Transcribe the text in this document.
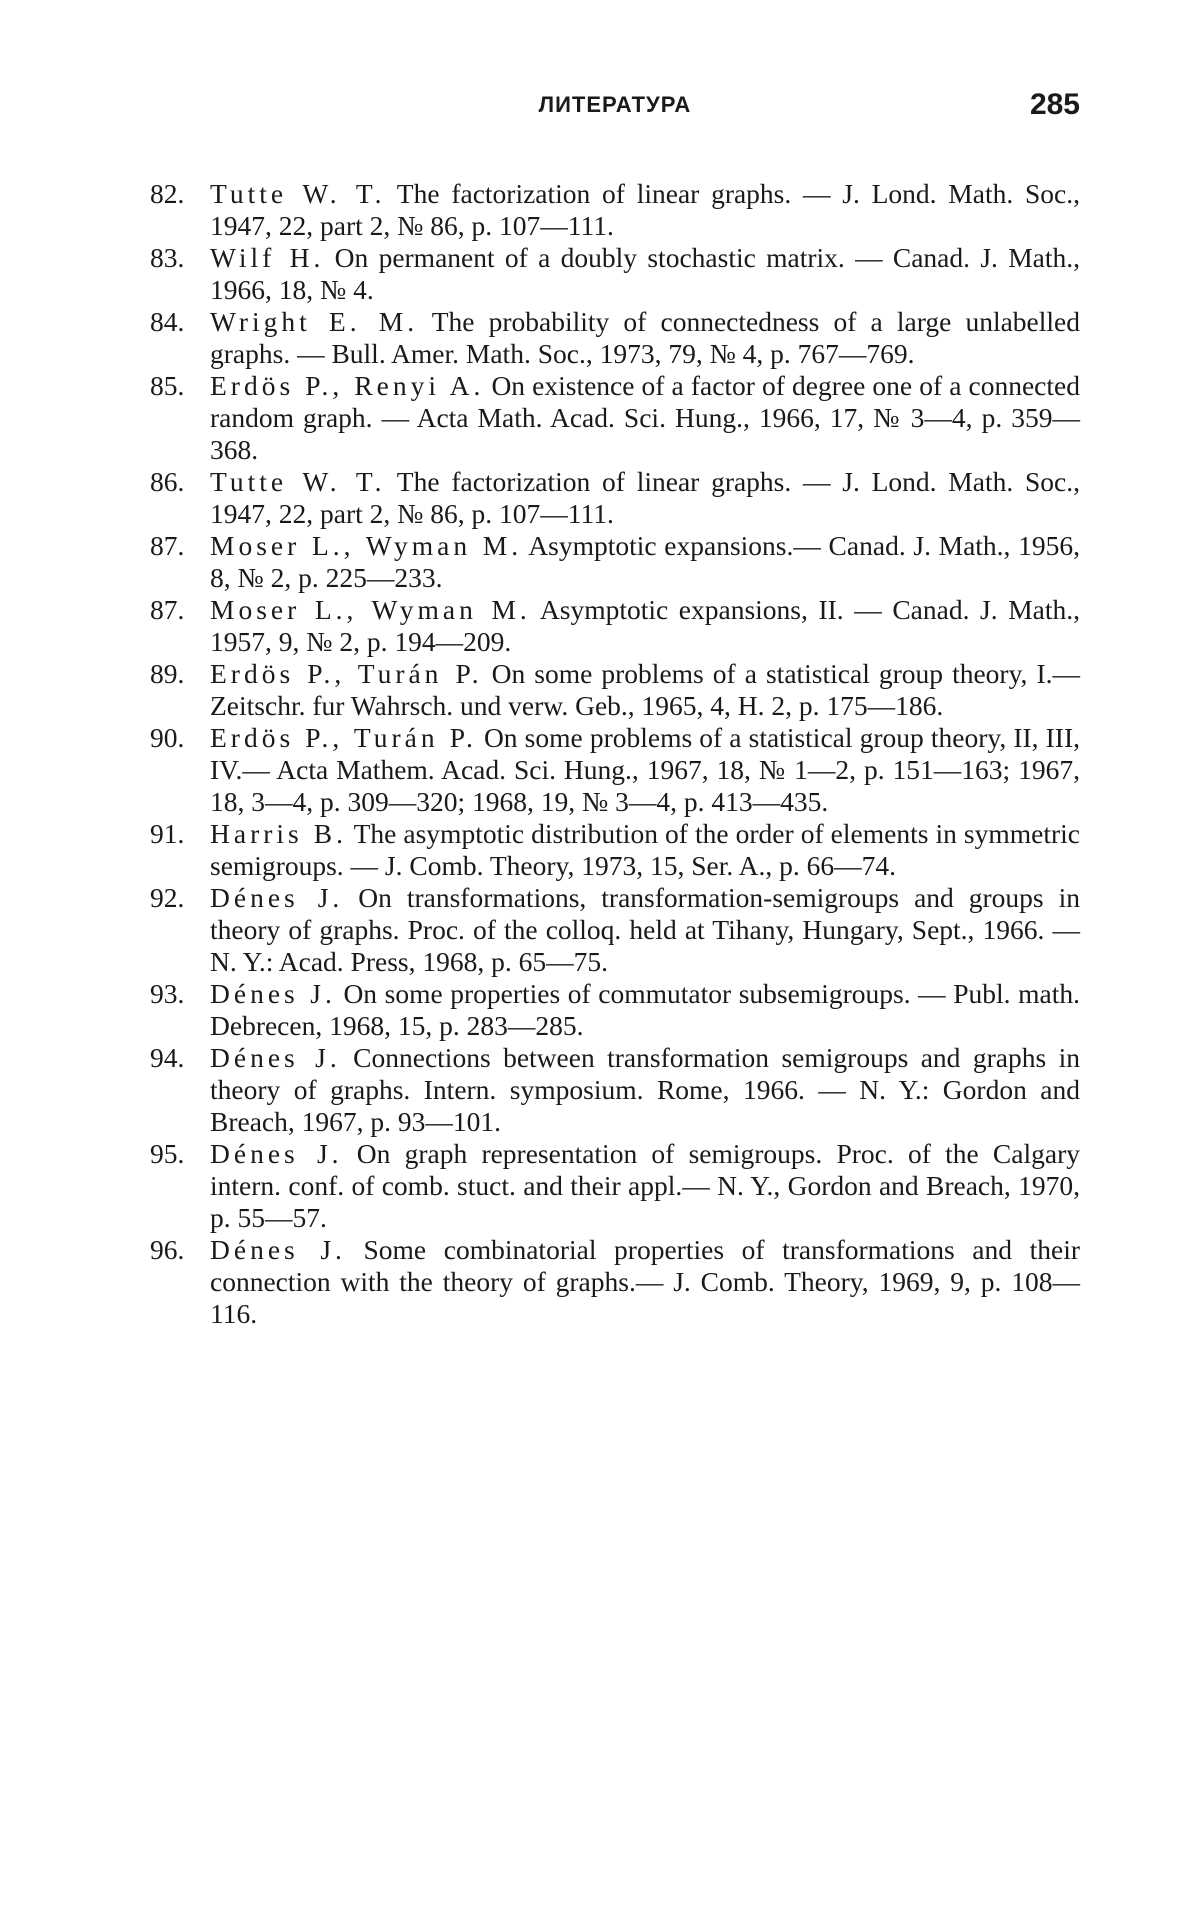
ЛИТЕРАТУРА	285
82. Tutte W. T. The factorization of linear graphs. — J. Lond. Math. Soc., 1947, 22, part 2, № 86, p. 107—111.
83. Wilf H. On permanent of a doubly stochastic matrix. — Canad. J. Math., 1966, 18, № 4.
84. Wright E. M. The probability of connectedness of a large unlabelled graphs. — Bull. Amer. Math. Soc., 1973, 79, № 4, p. 767—769.
85. Erdös P., Renyi A. On existence of a factor of degree one of a connected random graph. — Acta Math. Acad. Sci. Hung., 1966, 17, № 3—4, p. 359—368.
86. Tutte W. T. The factorization of linear graphs. — J. Lond. Math. Soc., 1947, 22, part 2, № 86, p. 107—111.
87. Moser L., Wyman M. Asymptotic expansions.— Canad. J. Math., 1956, 8, № 2, p. 225—233.
87. Moser L., Wyman M. Asymptotic expansions, II. — Canad. J. Math., 1957, 9, № 2, p. 194—209.
89. Erdös P., Turán P. On some problems of a statistical group theory, I.— Zeitschr. fur Wahrsch. und verw. Geb., 1965, 4, H. 2, p. 175—186.
90. Erdös P., Turán P. On some problems of a statistical group theory, II, III, IV.— Acta Mathem. Acad. Sci. Hung., 1967, 18, № 1—2, p. 151—163; 1967, 18, 3—4, p. 309—320; 1968, 19, № 3—4, p. 413—435.
91. Harris B. The asymptotic distribution of the order of elements in symmetric semigroups. — J. Comb. Theory, 1973, 15, Ser. A., p. 66—74.
92. Dénes J. On transformations, transformation-semigroups and groups in theory of graphs. Proc. of the colloq. held at Tihany, Hungary, Sept., 1966. — N. Y.: Acad. Press, 1968, p. 65—75.
93. Dénes J. On some properties of commutator subsemigroups. — Publ. math. Debrecen, 1968, 15, p. 283—285.
94. Dénes J. Connections between transformation semigroups and graphs in theory of graphs. Intern. symposium. Rome, 1966. — N. Y.: Gordon and Breach, 1967, p. 93—101.
95. Dénes J. On graph representation of semigroups. Proc. of the Calgary intern. conf. of comb. stuct. and their appl.— N. Y., Gordon and Breach, 1970, p. 55—57.
96. Dénes J. Some combinatorial properties of transformations and their connection with the theory of graphs.— J. Comb. Theory, 1969, 9, p. 108—116.
